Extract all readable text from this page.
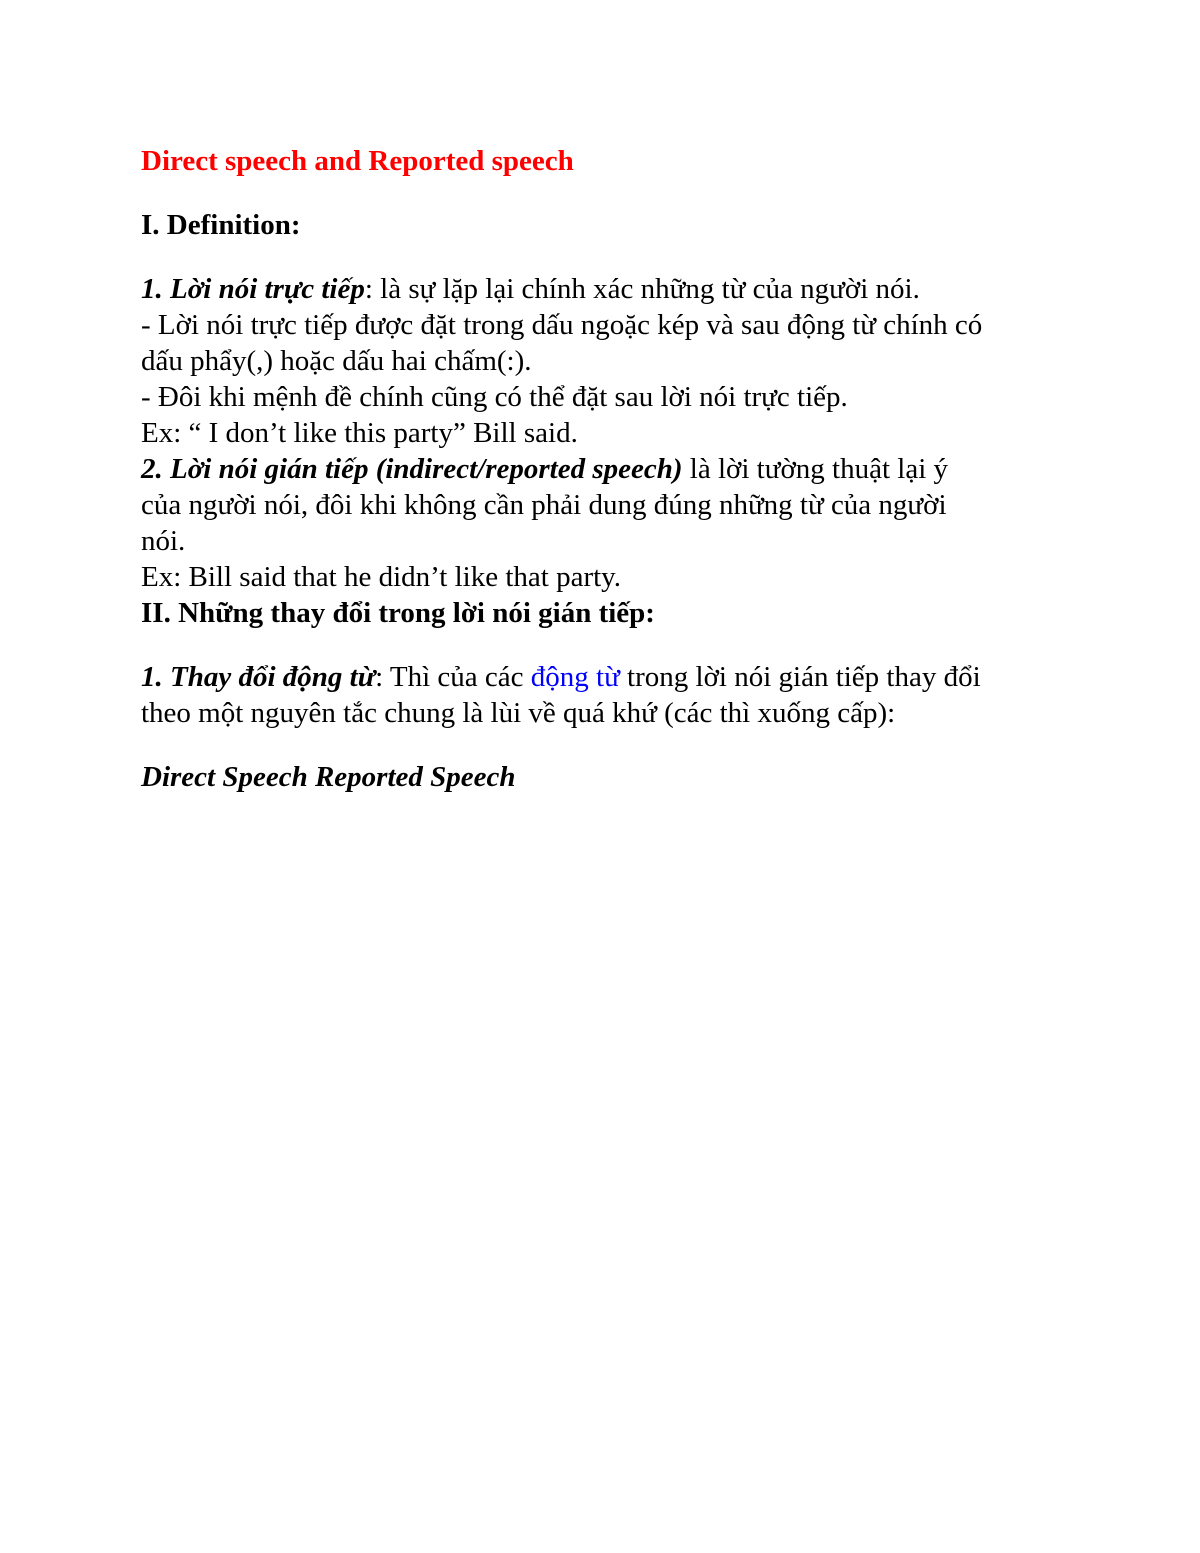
Direct speech and Reported speech
I. Definition:
1. Lời nói trực tiếp: là sự lặp lại chính xác những từ của người nói.
- Lời nói trực tiếp được đặt trong dấu ngoặc kép và sau động từ chính có
dấu phẩy(,) hoặc dấu hai chấm(:).
- Đôi khi mệnh đề chính cũng có thể đặt sau lời nói trực tiếp.
Ex: “ I don’t like this party” Bill said.
2. Lời nói gián tiếp (indirect/reported speech) là lời tường thuật lại ý
của người nói, đôi khi không cần phải dung đúng những từ của người
nói.
Ex: Bill said that he didn’t like that party.
II. Những thay đổi trong lời nói gián tiếp:
1. Thay đổi động từ: Thì của các động từ trong lời nói gián tiếp thay đổi
theo một nguyên tắc chung là lùi về quá khứ (các thì xuống cấp):
Direct Speech Reported Speech
